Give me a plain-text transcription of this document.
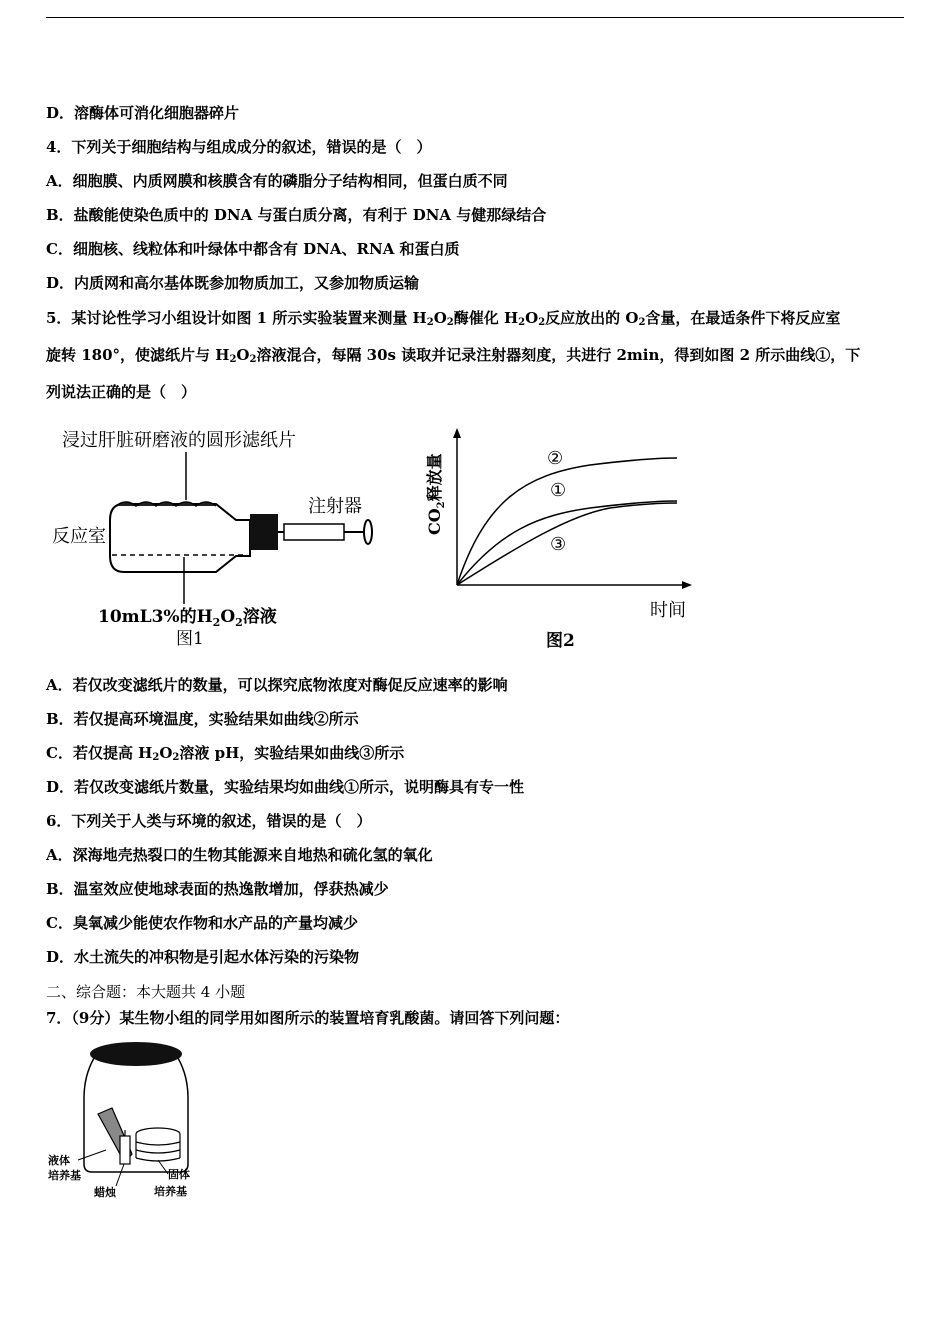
D．溶酶体可消化细胞器碎片
4．下列关于细胞结构与组成成分的叙述，错误的是（　）
A．细胞膜、内质网膜和核膜含有的磷脂分子结构相同，但蛋白质不同
B．盐酸能使染色质中的 DNA 与蛋白质分离，有利于 DNA 与健那绿结合
C．细胞核、线粒体和叶绿体中都含有 DNA、RNA 和蛋白质
D．内质网和高尔基体既参加物质加工，又参加物质运输
5．某讨论性学习小组设计如图 1 所示实验装置来测量 $H_2O_2$酶催化 $H_2O_2$反应放出的 $O_2$含量，在最适条件下将反应室
旋转 180°，使滤纸片与 $H_2O_2$溶液混合，每隔 30s 读取并记录注射器刻度，共进行 2min，得到如图 2 所示曲线①，下
列说法正确的是（　）
浸过肝脏研磨液的圆形滤纸片
注射器
反应室
10mL3%的$H_2O_2$溶液
图1
$CO_2$释放量
时间
②
①
③
图2
A．若仅改变滤纸片的数量，可以探究底物浓度对酶促反应速率的影响
B．若仅提高环境温度，实验结果如曲线②所示
C．若仅提高 $H_2O_2$溶液 pH，实验结果如曲线③所示
D．若仅改变滤纸片数量，实验结果均如曲线①所示，说明酶具有专一性
6．下列关于人类与环境的叙述，错误的是（　）
A．深海地壳热裂口的生物其能源来自地热和硫化氢的氧化
B．温室效应使地球表面的热逸散增加，俘获热减少
C．臭氧减少能使农作物和水产品的产量均减少
D．水土流失的冲积物是引起水体污染的污染物
二、综合题：本大题共 4 小题
7．（9分）某生物小组的同学用如图所示的装置培育乳酸菌。请回答下列问题：
液体
培养基
蜡烛
固体
培养基
